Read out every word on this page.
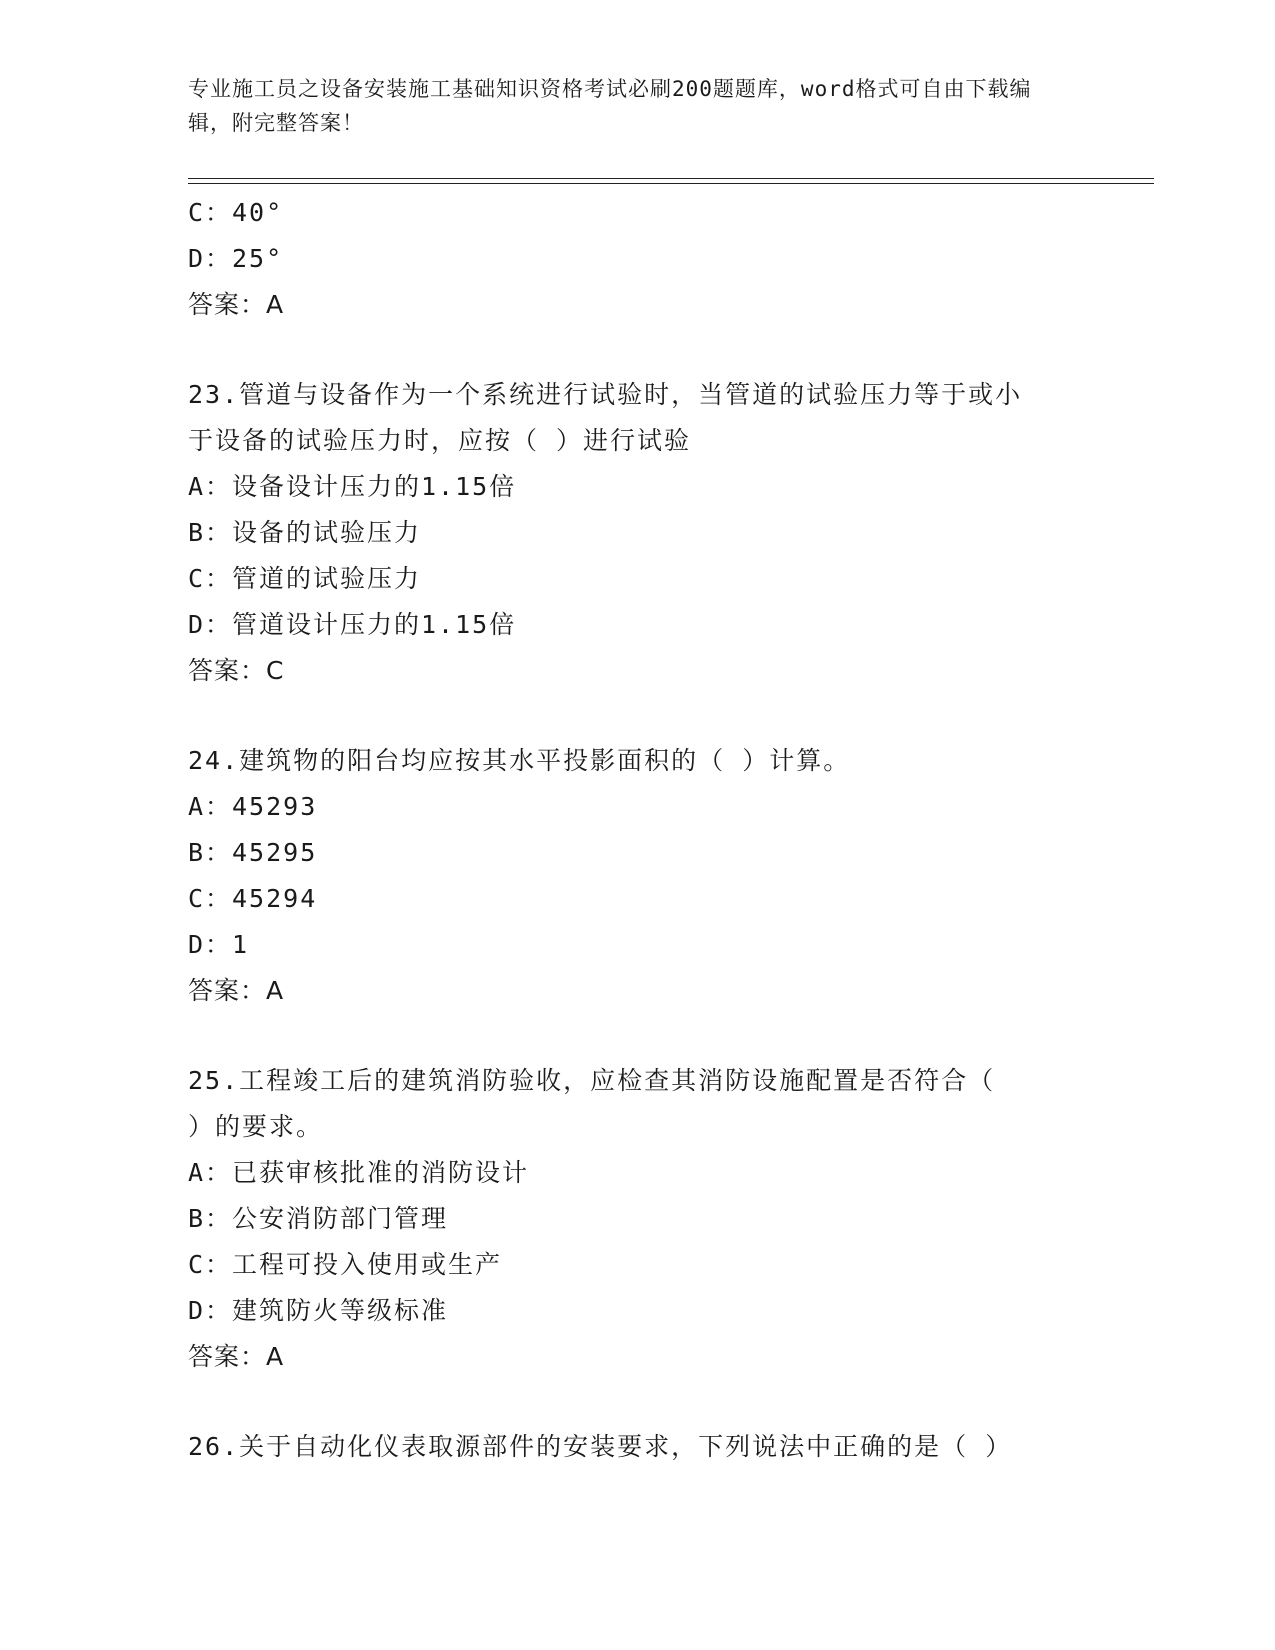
专业施工员之设备安装施工基础知识资格考试必刷200题题库，word格式可自由下载编辑，附完整答案！
C：40°
D：25°
答案：A
23.管道与设备作为一个系统进行试验时，当管道的试验压力等于或小
于设备的试验压力时，应按（ ）进行试验
A：设备设计压力的1.15倍
B：设备的试验压力
C：管道的试验压力
D：管道设计压力的1.15倍
答案：C
24.建筑物的阳台均应按其水平投影面积的（ ）计算。
A：45293
B：45295
C：45294
D：1
答案：A
25.工程竣工后的建筑消防验收，应检查其消防设施配置是否符合（
）的要求。
A：已获审核批准的消防设计
B：公安消防部门管理
C：工程可投入使用或生产
D：建筑防火等级标准
答案：A
26.关于自动化仪表取源部件的安装要求，下列说法中正确的是（ ）
